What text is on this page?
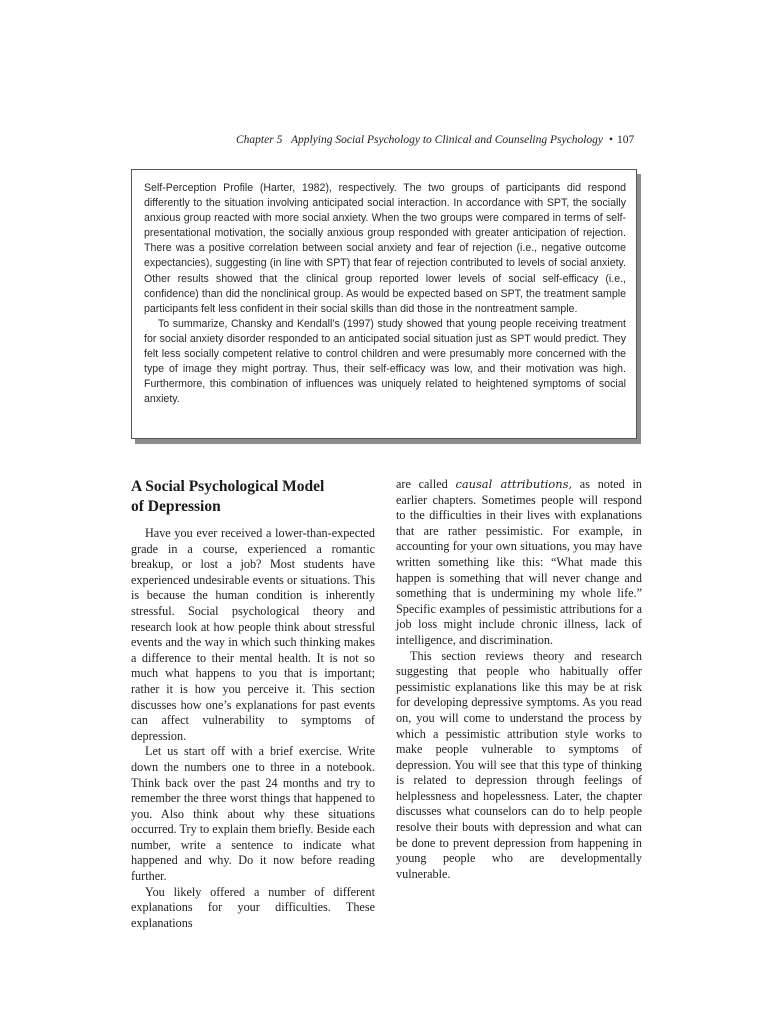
Chapter 5 Applying Social Psychology to Clinical and Counseling Psychology • 107

Self-Perception Profile (Harter, 1982), respectively. The two groups of participants did respond differently to the situation involving anticipated social interaction. In accordance with SPT, the socially anxious group reacted with more social anxiety. When the two groups were compared in terms of self-presentational motivation, the socially anxious group responded with greater anticipation of rejection. There was a positive correlation between social anxiety and fear of rejection (i.e., negative outcome expectancies), suggesting (in line with SPT) that fear of rejection contributed to levels of social anxiety. Other results showed that the clinical group reported lower levels of social self-efficacy (i.e., confidence) than did the nonclinical group. As would be expected based on SPT, the treatment sample participants felt less confident in their social skills than did those in the nontreatment sample.

To summarize, Chansky and Kendall’s (1997) study showed that young people receiving treatment for social anxiety disorder responded to an anticipated social situation just as SPT would predict. They felt less socially competent relative to control children and were presumably more concerned with the type of image they might portray. Thus, their self-efficacy was low, and their motivation was high. Furthermore, this combination of influences was uniquely related to heightened symptoms of social anxiety.

A Social Psychological Model
of Depression

Have you ever received a lower-than-expected grade in a course, experienced a romantic breakup, or lost a job? Most students have experienced undesirable events or situations. This is because the human condition is inherently stressful. Social psychological theory and research look at how people think about stressful events and the way in which such thinking makes a difference to their mental health. It is not so much what happens to you that is important; rather it is how you perceive it. This section discusses how one’s explanations for past events can affect vulnerability to symptoms of depression.

Let us start off with a brief exercise. Write down the numbers one to three in a notebook. Think back over the past 24 months and try to remember the three worst things that happened to you. Also think about why these situations occurred. Try to explain them briefly. Beside each number, write a sentence to indicate what happened and why. Do it now before reading further.

You likely offered a number of different explanations for your difficulties. These explanations

are called causal attributions, as noted in earlier chapters. Sometimes people will respond to the difficulties in their lives with explanations that are rather pessimistic. For example, in accounting for your own situations, you may have written something like this: “What made this happen is something that will never change and something that is undermining my whole life.” Specific examples of pessimistic attributions for a job loss might include chronic illness, lack of intelligence, and discrimination.

This section reviews theory and research suggesting that people who habitually offer pessimistic explanations like this may be at risk for developing depressive symptoms. As you read on, you will come to understand the process by which a pessimistic attribution style works to make people vulnerable to symptoms of depression. You will see that this type of thinking is related to depression through feelings of helplessness and hopelessness. Later, the chapter discusses what counselors can do to help people resolve their bouts with depression and what can be done to prevent depression from happening in young people who are developmentally vulnerable.
